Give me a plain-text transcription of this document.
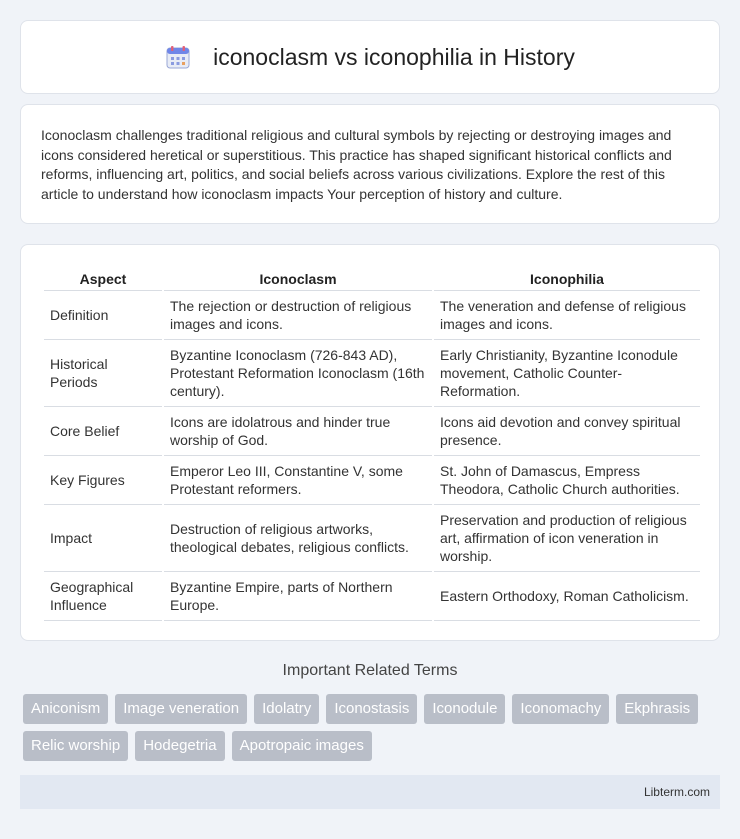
iconoclasm vs iconophilia in History

Iconoclasm challenges traditional religious and cultural symbols by rejecting or destroying images and icons considered heretical or superstitious. This practice has shaped significant historical conflicts and reforms, influencing art, politics, and social beliefs across various civilizations. Explore the rest of this article to understand how iconoclasm impacts Your perception of history and culture.

Aspect	Iconoclasm	Iconophilia
Definition	The rejection or destruction of religious images and icons.	The veneration and defense of religious images and icons.
Historical Periods	Byzantine Iconoclasm (726-843 AD), Protestant Reformation Iconoclasm (16th century).	Early Christianity, Byzantine Iconodule movement, Catholic Counter-Reformation.
Core Belief	Icons are idolatrous and hinder true worship of God.	Icons aid devotion and convey spiritual presence.
Key Figures	Emperor Leo III, Constantine V, some Protestant reformers.	St. John of Damascus, Empress Theodora, Catholic Church authorities.
Impact	Destruction of religious artworks, theological debates, religious conflicts.	Preservation and production of religious art, affirmation of icon veneration in worship.
Geographical Influence	Byzantine Empire, parts of Northern Europe.	Eastern Orthodoxy, Roman Catholicism.
Important Related Terms
Aniconism	Image veneration	Idolatry	Iconostasis	Iconodule	Iconomachy	Ekphrasis
Relic worship	Hodegetria	Apotropaic images
Libterm.com
